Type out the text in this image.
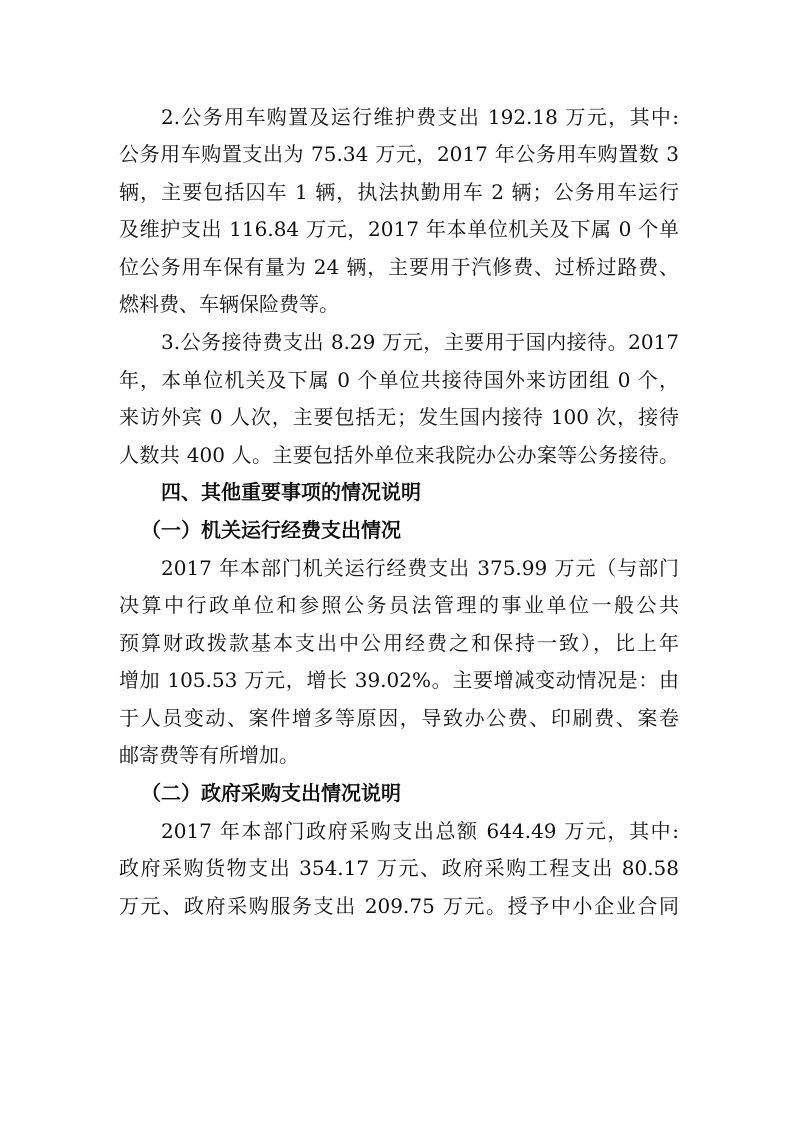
2.公务用车购置及运行维护费支出 192.18 万元，其中:
公务用车购置支出为 75.34 万元，2017 年公务用车购置数 3
辆，主要包括囚车 1 辆，执法执勤用车 2 辆；公务用车运行
及维护支出 116.84 万元，2017 年本单位机关及下属 0 个单
位公务用车保有量为 24 辆，主要用于汽修费、过桥过路费、
燃料费、车辆保险费等。
3.公务接待费支出 8.29 万元，主要用于国内接待。2017
年，本单位机关及下属 0 个单位共接待国外来访团组 0 个，
来访外宾 0 人次，主要包括无；发生国内接待 100 次，接待
人数共 400 人。主要包括外单位来我院办公办案等公务接待。
四、其他重要事项的情况说明
（一）机关运行经费支出情况
2017 年本部门机关运行经费支出 375.99 万元（与部门
决算中行政单位和参照公务员法管理的事业单位一般公共
预算财政拨款基本支出中公用经费之和保持一致），比上年
增加 105.53 万元，增长 39.02%。主要增减变动情况是：由
于人员变动、案件增多等原因，导致办公费、印刷费、案卷
邮寄费等有所增加。
（二）政府采购支出情况说明
2017 年本部门政府采购支出总额 644.49 万元，其中:
政府采购货物支出 354.17 万元、政府采购工程支出 80.58
万元、政府采购服务支出 209.75 万元。授予中小企业合同
